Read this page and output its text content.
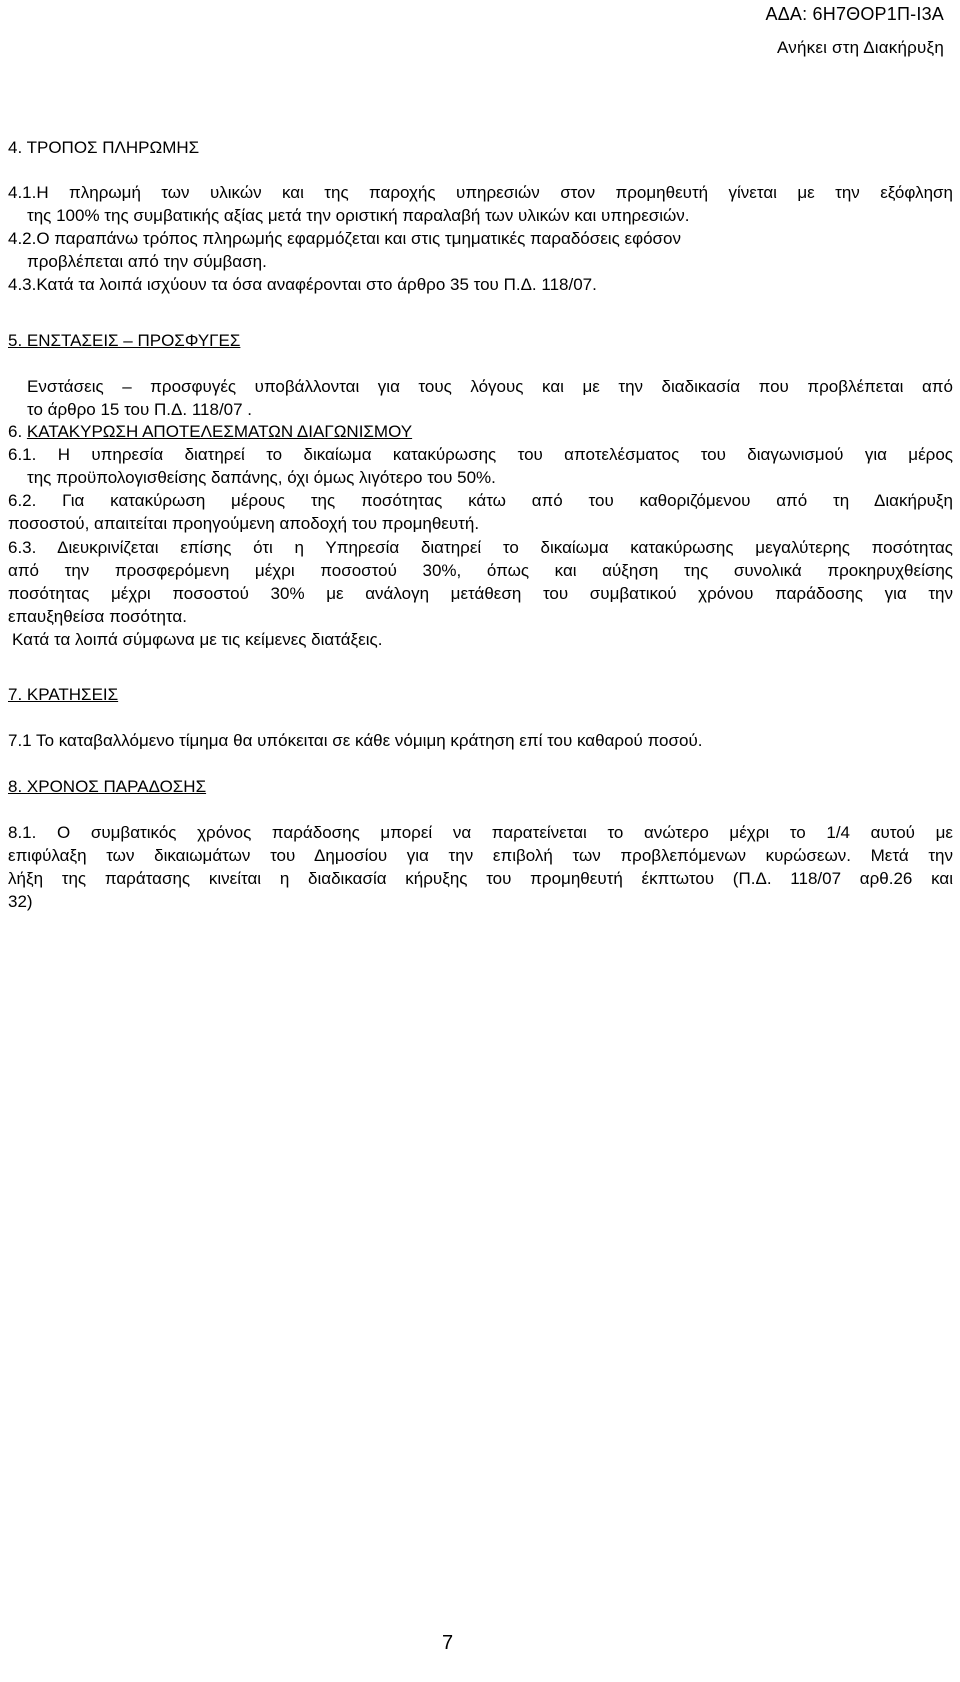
ΑΔΑ: 6Η7ΘΟΡ1Π-Ι3Α
Ανήκει στη Διακήρυξη
4. ΤΡΟΠΟΣ ΠΛΗΡΩΜΗΣ
4.1.Η πληρωμή των υλικών και της παροχής υπηρεσιών στον προμηθευτή γίνεται με την εξόφληση
της 100% της συμβατικής αξίας μετά την οριστική παραλαβή των υλικών και υπηρεσιών.
4.2.Ο παραπάνω τρόπος πληρωμής εφαρμόζεται και στις τμηματικές παραδόσεις εφόσον
προβλέπεται από την σύμβαση.
4.3.Κατά τα λοιπά ισχύουν τα όσα αναφέρονται στο άρθρο 35 του Π.Δ. 118/07.
5. ΕΝΣΤΑΣΕΙΣ – ΠΡΟΣΦΥΓΕΣ
Ενστάσεις – προσφυγές υποβάλλονται για τους λόγους και με την διαδικασία που προβλέπεται από
το άρθρο 15 του Π.Δ. 118/07 .
6. ΚΑΤΑΚΥΡΩΣΗ ΑΠΟΤΕΛΕΣΜΑΤΩΝ ΔΙΑΓΩΝΙΣΜΟΥ
6.1. Η υπηρεσία διατηρεί το δικαίωμα κατακύρωσης του αποτελέσματος του διαγωνισμού για μέρος
της προϋπολογισθείσης δαπάνης, όχι όμως λιγότερο του 50%.
6.2. Για κατακύρωση μέρους της ποσότητας κάτω από του καθοριζόμενου από τη Διακήρυξη
ποσοστού, απαιτείται προηγούμενη αποδοχή του προμηθευτή.
6.3. Διευκρινίζεται επίσης ότι η Υπηρεσία διατηρεί το δικαίωμα κατακύρωσης μεγαλύτερης ποσότητας
από την προσφερόμενη μέχρι ποσοστού 30%, όπως και αύξηση της συνολικά προκηρυχθείσης
ποσότητας μέχρι ποσοστού 30% με ανάλογη μετάθεση του συμβατικού χρόνου παράδοσης για την
επαυξηθείσα ποσότητα.
Κατά τα λοιπά σύμφωνα με τις κείμενες διατάξεις.
7. ΚΡΑΤΗΣΕΙΣ
7.1 Το καταβαλλόμενο τίμημα θα υπόκειται σε κάθε νόμιμη κράτηση επί του καθαρού ποσού.
8. ΧΡΟΝΟΣ ΠΑΡΑΔΟΣΗΣ
8.1. Ο συμβατικός χρόνος παράδοσης μπορεί να παρατείνεται το ανώτερο μέχρι το 1/4 αυτού με
επιφύλαξη των δικαιωμάτων του Δημοσίου για την επιβολή των προβλεπόμενων κυρώσεων. Μετά την
λήξη της παράτασης κινείται η διαδικασία κήρυξης του προμηθευτή έκπτωτου (Π.Δ. 118/07 αρθ.26 και
32)
7
